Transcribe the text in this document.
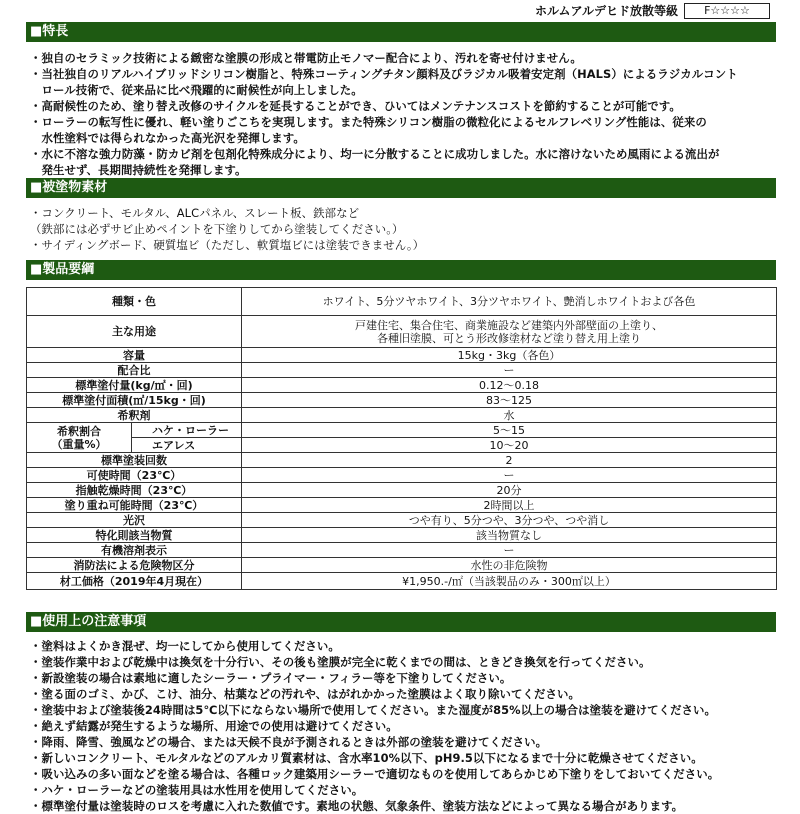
ホルムアルデヒド放散等級	F☆☆☆☆
■特長
・独自のセラミック技術による緻密な塗膜の形成と帯電防止モノマー配合により、汚れを寄せ付けません。
・当社独自のリアルハイブリッドシリコン樹脂と、特殊コーティングチタン顔料及びラジカル吸着安定剤（HALS）によるラジカルコント
　ロール技術で、従来品に比べ飛躍的に耐候性が向上しました。
・高耐候性のため、塗り替え改修のサイクルを延長することができ、ひいてはメンテナンスコストを節約することが可能です。
・ローラーの転写性に優れ、軽い塗りごこちを実現します。また特殊シリコン樹脂の微粒化によるセルフレベリング性能は、従来の
　水性塗料では得られなかった高光沢を発揮します。
・水に不溶な強力防藻・防カビ剤を包剤化特殊成分により、均一に分散することに成功しました。水に溶けないため風雨による流出が
　発生せず、長期間持続性を発揮します。
■被塗物素材
・コンクリート、モルタル、ALCパネル、スレート板、鉄部など
（鉄部には必ずサビ止めペイントを下塗りしてから塗装してください。）
・サイディングボード、硬質塩ビ（ただし、軟質塩ビには塗装できません。）
■製品要綱
種類・色		ホワイト、5分ツヤホワイト、3分ツヤホワイト、艶消しホワイトおよび各色
主な用途		戸建住宅、集合住宅、商業施設など建築内外部壁面の上塗り、
各種旧塗膜、可とう形改修塗材など塗り替え用上塗り

容量		15kg・3kg（各色）
配合比		ー
標準塗付量(kg/㎡・回)		0.12～0.18
標準塗付面積(㎡/15kg・回)		83～125
希釈剤		水

希釈割合
（重量%）	ハケ・ローラー	5～15
	エアレス	10～20
標準塗装回数		2
可使時間（23℃）		ー
指触乾燥時間（23℃）		20分
塗り重ね可能時間（23℃）		2時間以上
光沢		つや有り、5分つや、3分つや、つや消し
特化則該当物質		該当物質なし
有機溶剤表示		ー
消防法による危険物区分		水性の非危険物
材工価格（2019年4月現在）		¥1,950.-/㎡（当該製品のみ・300㎡以上）
■使用上の注意事項
・塗料はよくかき混ぜ、均一にしてから使用してください。
・塗装作業中および乾燥中は換気を十分行い、その後も塗膜が完全に乾くまでの間は、ときどき換気を行ってください。
・新設塗装の場合は素地に適したシーラー・プライマー・フィラー等を下塗りしてください。
・塗る面のゴミ、かび、こけ、油分、枯葉などの汚れや、はがれかかった塗膜はよく取り除いてください。
・塗装中および塗装後24時間は5℃以下にならない場所で使用してください。また湿度が85%以上の場合は塗装を避けてください。
・絶えず結露が発生するような場所、用途での使用は避けてください。
・降雨、降雪、強風などの場合、または天候不良が予測されるときは外部の塗装を避けてください。
・新しいコンクリート、モルタルなどのアルカリ質素材は、含水率10%以下、pH9.5以下になるまで十分に乾燥させてください。
・吸い込みの多い面などを塗る場合は、各種ロック建築用シーラーで適切なものを使用してあらかじめ下塗りをしておいてください。
・ハケ・ローラーなどの塗装用具は水性用を使用してください。
・標準塗付量は塗装時のロスを考慮に入れた数値です。素地の状態、気象条件、塗装方法などによって異なる場合があります。
